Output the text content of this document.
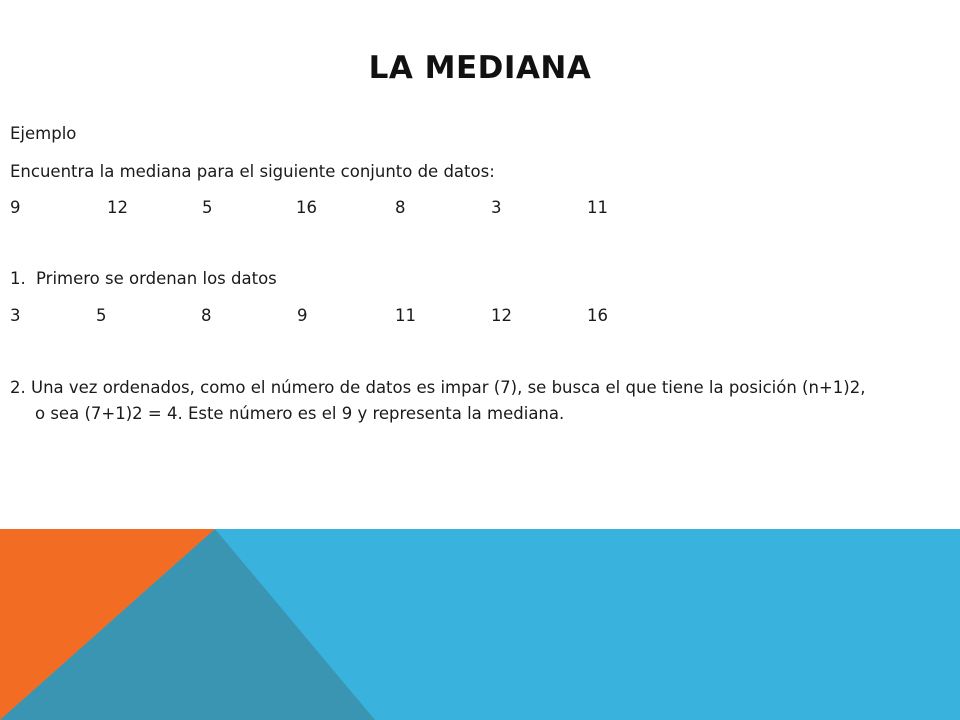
LA MEDIANA
Ejemplo
Encuentra la mediana para el siguiente conjunto de datos:
9	12	5	16	8	3	11
1. Primero se ordenan los datos
3	5	8	9	11	12	16
2. Una vez ordenados, como el número de datos es impar (7), se busca el que tiene la posición (n+1)2,
o sea (7+1)2 = 4. Este número es el 9 y representa la mediana.
